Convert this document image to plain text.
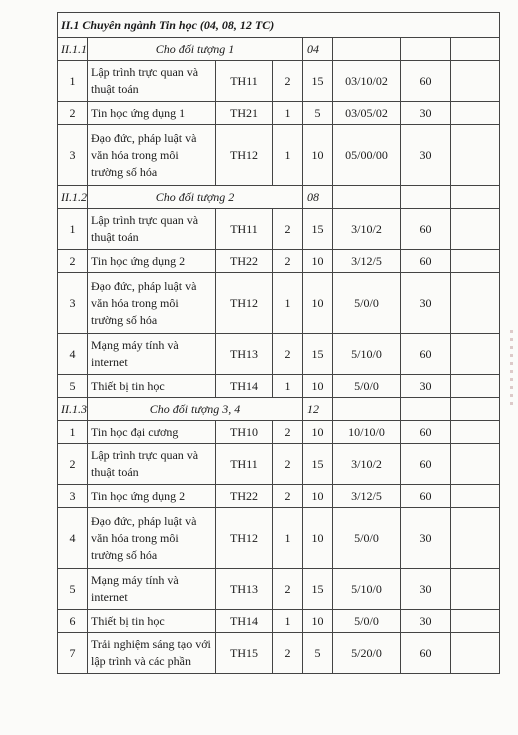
II.1 Chuyên ngành Tin học (04, 08, 12 TC)							
II.1.1	Cho đối tượng 1			04			
1	Lập trình trực quan và thuật toán	TH11	2	15	03/10/02	60	
2	Tin học ứng dụng 1	TH21	1	5	03/05/02	30	
3	Đạo đức, pháp luật và văn hóa trong môi trường số hóa	TH12	1	10	05/00/00	30	
II.1.2	Cho đối tượng 2			08			
1	Lập trình trực quan và thuật toán	TH11	2	15	3/10/2	60	
2	Tin học ứng dụng 2	TH22	2	10	3/12/5	60	
3	Đạo đức, pháp luật và văn hóa trong môi trường số hóa	TH12	1	10	5/0/0	30	
4	Mạng máy tính và internet	TH13	2	15	5/10/0	60	
5	Thiết bị tin học	TH14	1	10	5/0/0	30	
II.1.3	Cho đối tượng 3, 4			12			
1	Tin học đại cương	TH10	2	10	10/10/0	60	
2	Lập trình trực quan và thuật toán	TH11	2	15	3/10/2	60	
3	Tin học ứng dụng 2	TH22	2	10	3/12/5	60	
4	Đạo đức, pháp luật và văn hóa trong môi trường số hóa	TH12	1	10	5/0/0	30	
5	Mạng máy tính và internet	TH13	2	15	5/10/0	30	
6	Thiết bị tin học	TH14	1	10	5/0/0	30	
7	Trải nghiệm sáng tạo với lập trình và các phần	TH15	2	5	5/20/0	60	
